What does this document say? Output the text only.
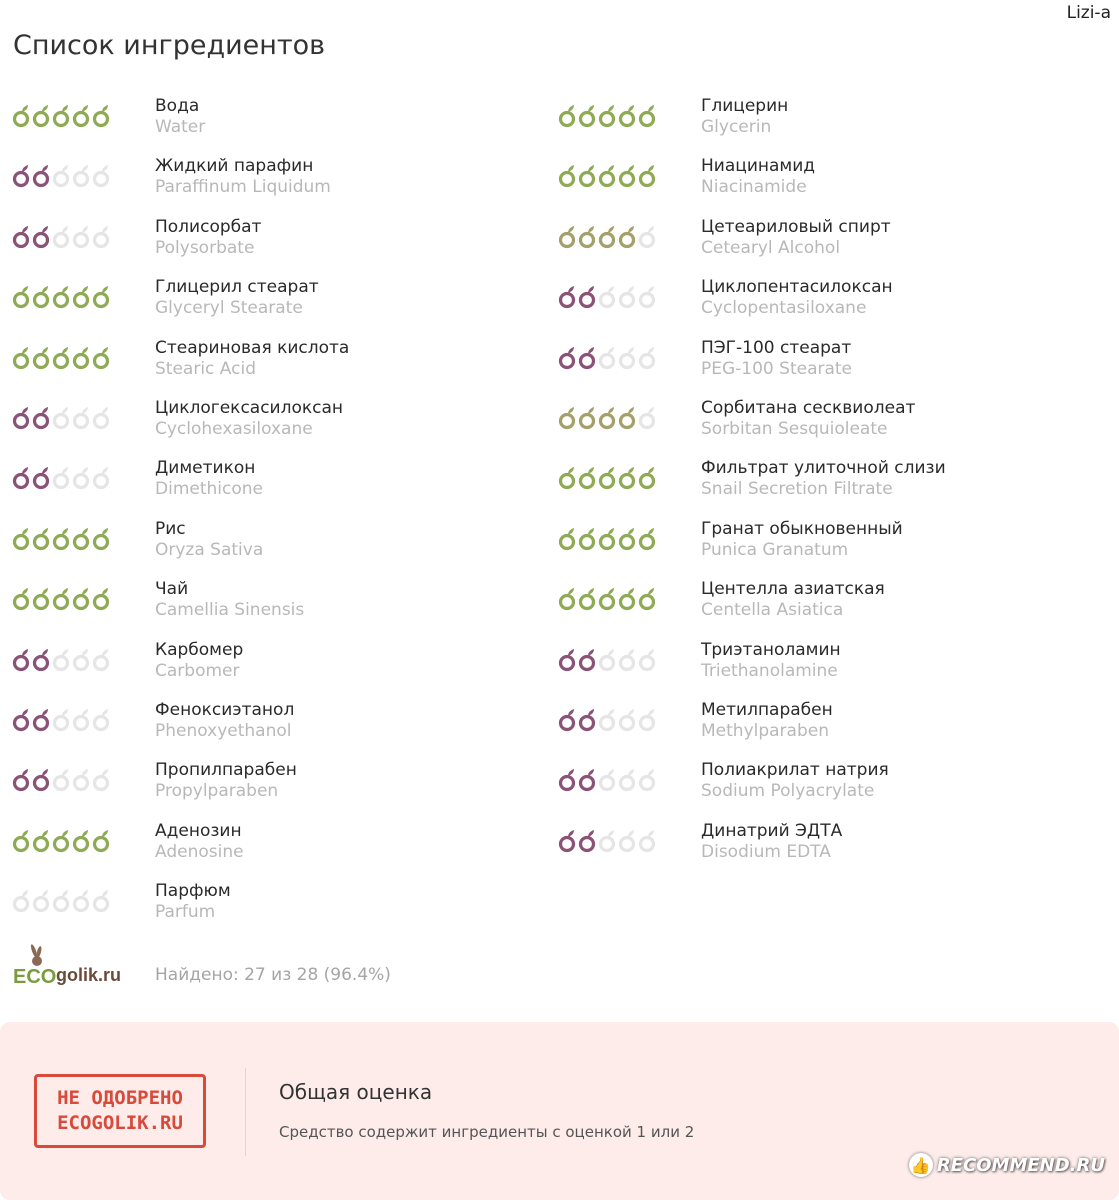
Lizi-a
Список ингредиентов
Вода
Water
Жидкий парафин
Paraffinum Liquidum
Полисорбат
Polysorbate
Глицерил стеарат
Glyceryl Stearate
Стеариновая кислота
Stearic Acid
Циклогексасилоксан
Cyclohexasiloxane
Диметикон
Dimethicone
Рис
Oryza Sativa
Чай
Camellia Sinensis
Карбомер
Carbomer
Феноксиэтанол
Phenoxyethanol
Пропилпарабен
Propylparaben
Аденозин
Adenosine
Парфюм
Parfum
Глицерин
Glycerin
Ниацинамид
Niacinamide
Цетеариловый спирт
Cetearyl Alcohol
Циклопентасилоксан
Cyclopentasiloxane
ПЭГ-100 стеарат
PEG-100 Stearate
Сорбитана сесквиолеат
Sorbitan Sesquioleate
Фильтрат улиточной слизи
Snail Secretion Filtrate
Гранат обыкновенный
Punica Granatum
Центелла азиатская
Centella Asiatica
Триэтаноламин
Triethanolamine
Метилпарабен
Methylparaben
Полиакрилат натрия
Sodium Polyacrylate
Динатрий ЭДТА
Disodium EDTA
ECO golik.ru Найдено: 27 из 28 (96.4%)
НЕ ОДОБРЕНО
ECOGOLIK.RU
Общая оценка
Средство содержит ингредиенты с оценкой 1 или 2
👍 RECOMMEND.RU
